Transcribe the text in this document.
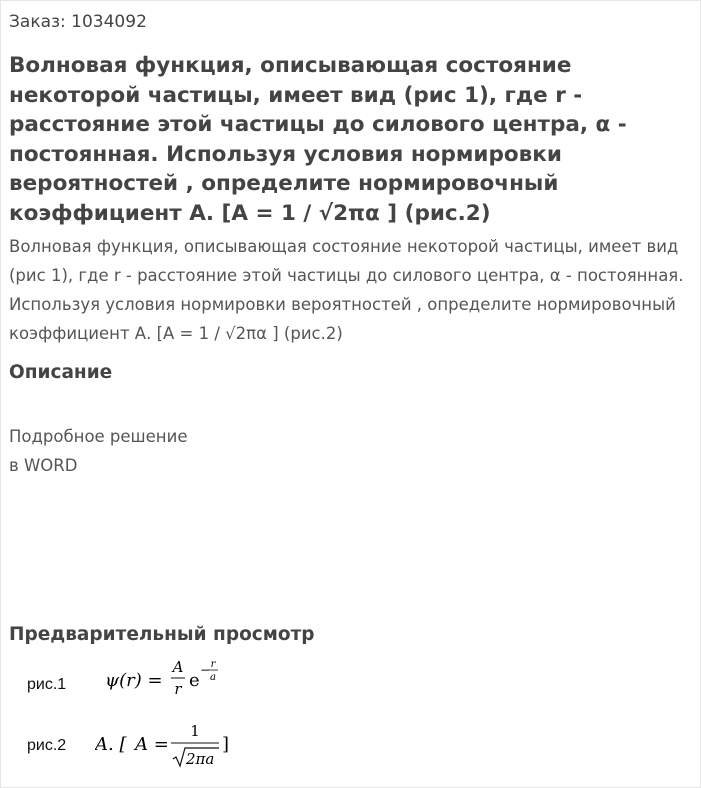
Заказ: 1034092
Волновая функция, описывающая состояние некоторой частицы, имеет вид (рис 1), где r - расстояние этой частицы до силового центра, α - постоянная. Используя условия нормировки вероятностей , определите нормировочный коэффициент А. [A = 1 / √2πα ] (рис.2)

Волновая функция, описывающая состояние некоторой частицы, имеет вид (рис 1), где r - расстояние этой частицы до силового центра, α - постоянная. Используя условия нормировки вероятностей , определите нормировочный коэффициент А. [A = 1 / √2πα ] (рис.2)

Описание
Подробное решение
в WORD
Предварительный просмотр
рис.1 ψ(r) =
A
r e − r
a
рис.2 A. [ A =
1
2πa
]
